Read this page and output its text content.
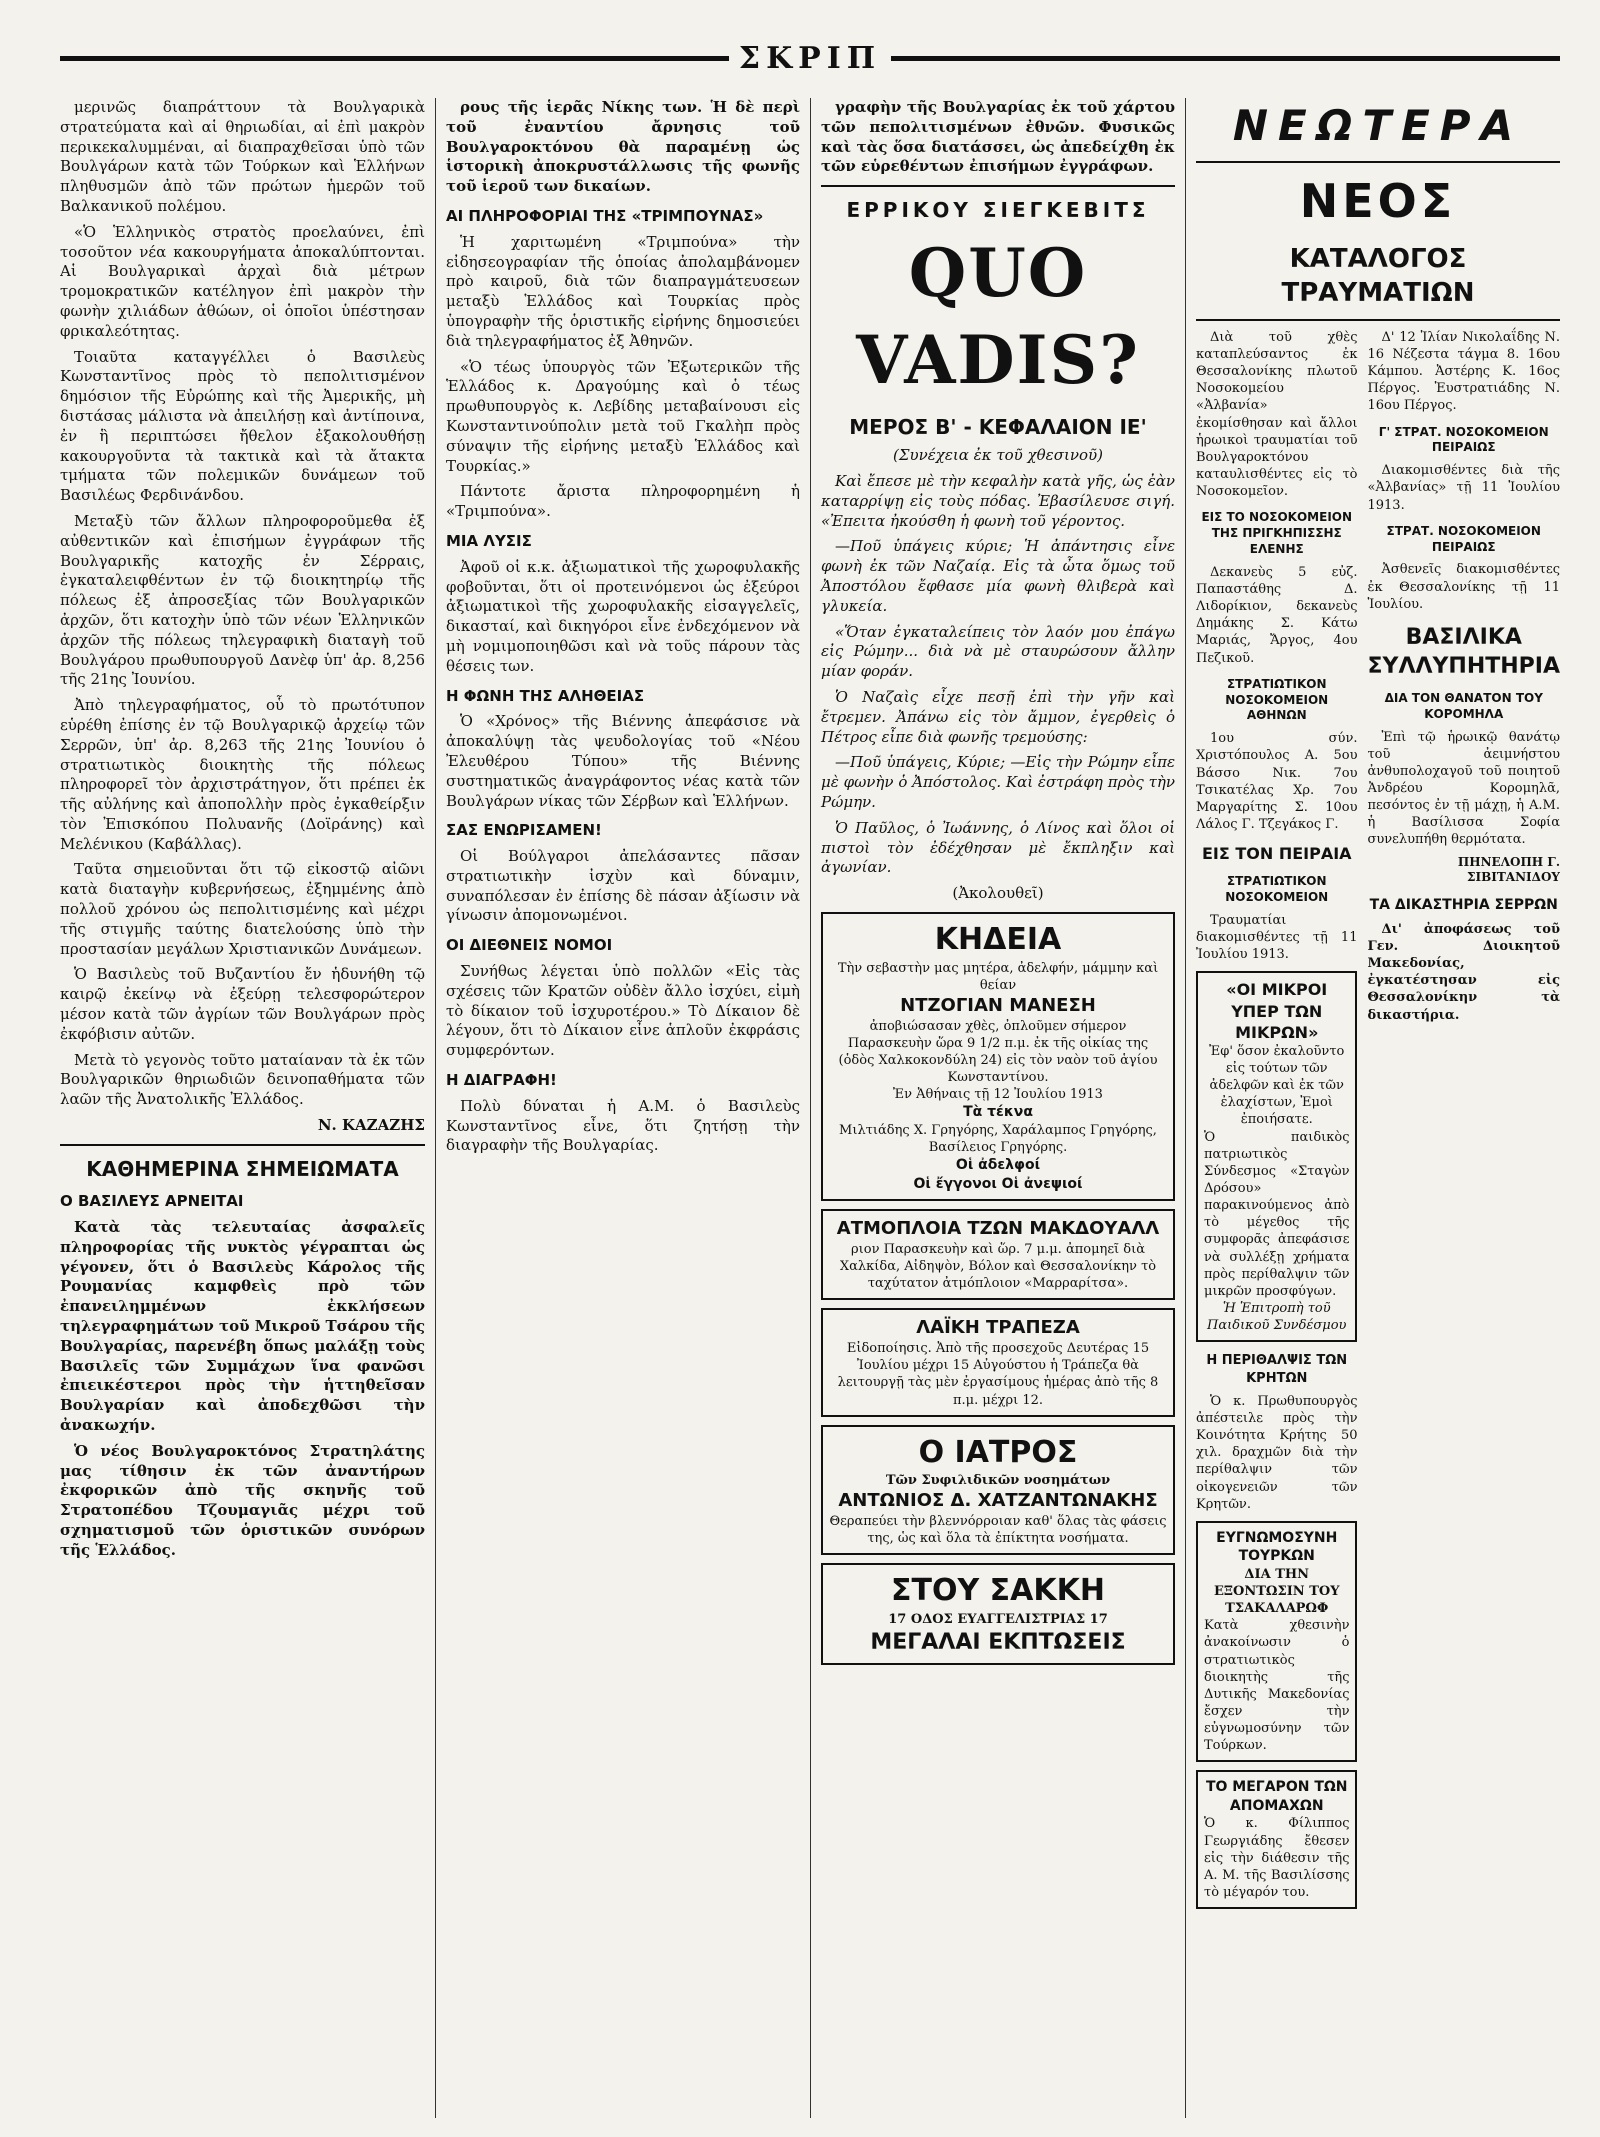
ΣΚΡΙΠ

μερινῶς διαπράττουν τὰ Βουλγαρικὰ στρατεύματα καὶ αἱ θηριωδίαι, αἱ ἐπὶ μακρὸν περικεκαλυμμέναι, αἱ διαπραχθεῖσαι ὑπὸ τῶν Βουλγάρων κατὰ τῶν Τούρκων καὶ Ἑλλήνων πληθυσμῶν ἀπὸ τῶν πρώτων ἡμερῶν τοῦ Βαλκανικοῦ πολέμου.

«Ὁ Ἑλληνικὸς στρατὸς προελαύνει, ἐπὶ τοσοῦτον νέα κακουργήματα ἀποκαλύπτονται. Αἱ Βουλγαρικαὶ ἀρχαὶ διὰ μέτρων τρομοκρατικῶν κατέληγον ἐπὶ μακρὸν τὴν φωνὴν χιλιάδων ἀθώων, οἱ ὁποῖοι ὑπέστησαν φρικαλεότητας.

Τοιαῦτα καταγγέλλει ὁ Βασιλεὺς Κωνσταντῖνος πρὸς τὸ πεπολιτισμένον δημόσιον τῆς Εὐρώπης καὶ τῆς Ἀμερικῆς, μὴ διστάσας μάλιστα νὰ ἀπειλήσῃ καὶ ἀντίποινα, ἐν ἣ περιπτώσει ἤθελον ἐξακολουθήσῃ κακουργοῦντα τὰ τακτικὰ καὶ τὰ ἄτακτα τμήματα τῶν πολεμικῶν δυνάμεων τοῦ Βασιλέως Φερδινάνδου.

Μεταξὺ τῶν ἄλλων πληροφοροῦμεθα ἐξ αὐθεντικῶν καὶ ἐπισήμων ἐγγράφων τῆς Βουλγαρικῆς κατοχῆς ἐν Σέρραις, ἐγκαταλειφθέντων ἐν τῷ διοικητηρίῳ τῆς πόλεως ἐξ ἀπροσεξίας τῶν Βουλγαρικῶν ἀρχῶν, ὅτι κατοχὴν ὑπὸ τῶν νέων Ἑλληνικῶν ἀρχῶν τῆς πόλεως τηλεγραφικὴ διαταγὴ τοῦ Βουλγάρου πρωθυπουργοῦ Δανὲφ ὑπ' ἀρ. 8,256 τῆς 21ης Ἰουνίου.

Ἀπὸ τηλεγραφήματος, οὗ τὸ πρωτότυπον εὑρέθη ἐπίσης ἐν τῷ Βουλγαρικῷ ἀρχείῳ τῶν Σερρῶν, ὑπ' ἀρ. 8,263 τῆς 21ης Ἰουνίου ὁ στρατιωτικὸς διοικητὴς τῆς πόλεως πληροφορεῖ τὸν ἀρχιστράτηγον, ὅτι πρέπει ἐκ τῆς αὐλήνης καὶ ἀποπολλὴν πρὸς ἐγκαθείρξιν τὸν Ἐπισκόπου Πολυανῆς (Δοϊράνης) καὶ Μελένικου (Καβάλλας).

Ταῦτα σημειοῦνται ὅτι τῷ εἰκοστῷ αἰῶνι κατὰ διαταγὴν κυβερνήσεως, ἐξημμένης ἀπὸ πολλοῦ χρόνου ὡς πεπολιτισμένης καὶ μέχρι τῆς στιγμῆς ταύτης διατελούσης ὑπὸ τὴν προστασίαν μεγάλων Χριστιανικῶν Δυνάμεων.

Ὁ Βασιλεὺς τοῦ Βυζαντίου ἔν ἡδυνήθη τῷ καιρῷ ἐκείνῳ νὰ ἐξεύρῃ τελεσφορώτερον μέσον κατὰ τῶν ἀγρίων τῶν Βουλγάρων πρὸς ἐκφόβισιν αὐτῶν.

Μετὰ τὸ γεγονὸς τοῦτο ματαίαναν τὰ ἐκ τῶν Βουλγαρικῶν θηριωδιῶν δεινοπαθήματα τῶν λαῶν τῆς Ἀνατολικῆς Ἐλλάδος.

Ν. ΚΑΖΑΖΗΣ
ΚΑΘΗΜΕΡΙΝΑ ΣΗΜΕΙΩΜΑΤΑ
Ο ΒΑΣΙΛΕΥΣ ΑΡΝΕΙΤΑΙ

Κατὰ τὰς τελευταίας ἀσφαλεῖς πληροφορίας τῆς νυκτὸς γέγραπται ὡς γέγονεν, ὅτι ὁ Βασιλεὺς Κάρολος τῆς Ρουμανίας καμφθεὶς πρὸ τῶν ἐπανειλημμένων ἐκκλήσεων τηλεγραφημάτων τοῦ Μικροῦ Τσάρου τῆς Βουλγαρίας, παρενέβη ὅπως μαλάξῃ τοὺς Βασιλεῖς τῶν Συμμάχων ἵνα φανῶσι ἐπιεικέστεροι πρὸς τὴν ἡττηθεῖσαν Βουλγαρίαν καὶ ἀποδεχθῶσι τὴν ἀνακωχήν.

Ὁ νέος Βουλγαροκτόνος Στρατηλάτης μας τίθησιν ἐκ τῶν ἀναντήρων ἐκφορικῶν ἀπὸ τῆς σκηνῆς τοῦ Στρατοπέδου Τζουμαγιᾶς μέχρι τοῦ σχηματισμοῦ τῶν ὁριστικῶν συνόρων τῆς Ἑλλάδος.

ρους τῆς ἱερᾶς Νίκης των. Ἡ δὲ περὶ τοῦ ἐναντίου ἄρνησις τοῦ Βουλγαροκτόνου θὰ παραμένῃ ὡς ἱστορικὴ ἀποκρυστάλλωσις τῆς φωνῆς τοῦ ἱεροῦ των δικαίων.

ΑΙ ΠΛΗΡΟΦΟΡΙΑΙ ΤΗΣ «ΤΡΙΜΠΟΥΝΑΣ»

Ἡ χαριτωμένη «Τριμπούνα» τὴν εἰδησεογραφίαν τῆς ὁποίας ἀπολαμβάνομεν πρὸ καιροῦ, διὰ τῶν διαπραγμάτευσεων μεταξὺ Ἑλλάδος καὶ Τουρκίας πρὸς ὑπογραφὴν τῆς ὁριστικῆς εἰρήνης δημοσιεύει διὰ τηλεγραφήματος ἐξ Ἀθηνῶν.

«Ὁ τέως ὑπουργὸς τῶν Ἐξωτερικῶν τῆς Ἑλλάδος κ. Δραγούμης καὶ ὁ τέως πρωθυπουργὸς κ. Λεβίδης μεταβαίνουσι εἰς Κωνσταντινούπολιν μετὰ τοῦ Γκαλὴπ πρὸς σύναψιν τῆς εἰρήνης μεταξὺ Ἑλλάδος καὶ Τουρκίας.»

Πάντοτε ἄριστα πληροφορημένη ἡ «Τριμπούνα».

ΜΙΑ ΛΥΣΙΣ

Ἀφοῦ οἱ κ.κ. ἀξιωματικοὶ τῆς χωροφυλακῆς φοβοῦνται, ὅτι οἱ προτεινόμενοι ὡς ἐξεύροι ἀξιωματικοὶ τῆς χωροφυλακῆς εἰσαγγελεῖς, δικασταί, καὶ δικηγόροι εἶνε ἐνδεχόμενον νὰ μὴ νομιμοποιηθῶσι καὶ νὰ τοῦς πάρουν τὰς θέσεις των.

Η ΦΩΝΗ ΤΗΣ ΑΛΗΘΕΙΑΣ

Ὁ «Χρόνος» τῆς Βιέννης ἀπεφάσισε νὰ ἀποκαλύψῃ τὰς ψευδολογίας τοῦ «Νέου Ἐλευθέρου Τύπου» τῆς Βιέννης συστηματικῶς ἀναγράφοντος νέας κατὰ τῶν Βουλγάρων νίκας τῶν Σέρβων καὶ Ἑλλήνων.

ΣΑΣ ΕΝΩΡΙΣΑΜΕΝ!

Οἱ Βούλγαροι ἀπελάσαντες πᾶσαν στρατιωτικὴν ἰσχὺν καὶ δύναμιν, συναπόλεσαν ἐν ἐπίσης δὲ πάσαν ἀξίωσιν νὰ γίνωσιν ἀπομονωμένοι.

ΟΙ ΔΙΕΘΝΕΙΣ ΝΟΜΟΙ

Συνήθως λέγεται ὑπὸ πολλῶν «Εἰς τὰς σχέσεις τῶν Κρατῶν οὐδὲν ἄλλο ἰσχύει, εἰμὴ τὸ δίκαιον τοῦ ἰσχυροτέρου.» Τὸ Δίκαιον δὲ λέγουν, ὅτι τὸ Δίκαιον εἶνε ἁπλοῦν ἐκφράσις συμφερόντων.

Η ΔΙΑΓΡΑΦΗ!

Πολὺ δύναται ἡ Α.Μ. ὁ Βασιλεὺς Κωνσταντῖνος εἶνε, ὅτι ζητήσῃ τὴν διαγραφὴν τῆς Βουλγαρίας.

γραφὴν τῆς Βουλγαρίας ἐκ τοῦ χάρτου τῶν πεπολιτισμένων ἐθνῶν. Φυσικῶς καὶ τὰς ὅσα διατάσσει, ὡς ἀπεδείχθη ἐκ τῶν εὑρεθέντων ἐπισήμων ἐγγράφων.

ΕΡΡΙΚΟΥ ΣΙΕΓΚΕΒΙΤΣ
QUO VADIS?
ΜΕΡΟΣ Β' - ΚΕΦΑΛΑΙΟΝ ΙΕ'

(Συνέχεια ἐκ τοῦ χθεσινοῦ)

Καὶ ἔπεσε μὲ τὴν κεφαλὴν κατὰ γῆς, ὡς ἐὰν καταρρίψῃ εἰς τοὺς πόδας. Ἐβασίλευσε σιγή. «Ἐπειτα ἠκούσθη ἡ φωνὴ τοῦ γέροντος.

—Ποῦ ὑπάγεις κύριε; Ἡ ἀπάντησις εἶνε φωνὴ ἐκ τῶν Ναζαίᾳ. Εἰς τὰ ὦτα ὅμως τοῦ Ἀποστόλου ἔφθασε μία φωνὴ θλιβερὰ καὶ γλυκεία.

«Ὅταν ἐγκαταλείπεις τὸν λαόν μου ἐπάγω εἰς Ρώμην... διὰ νὰ μὲ σταυρώσουν ἄλλην μίαν φοράν.

Ὁ Ναζαὶς εἶχε πεσῇ ἐπὶ τὴν γῆν καὶ ἔτρεμεν. Ἀπάνω εἰς τὸν ἄμμον, ἐγερθεὶς ὁ Πέτρος εἶπε διὰ φωνῆς τρεμούσης:

—Ποῦ ὑπάγεις, Κύριε; —Εἰς τὴν Ρώμην εἶπε μὲ φωνὴν ὁ Ἀπόστολος. Καὶ ἐστράφη πρὸς τὴν Ρώμην.

Ὁ Παῦλος, ὁ Ἰωάννης, ὁ Λίνος καὶ ὅλοι οἱ πιστοὶ τὸν ἐδέχθησαν μὲ ἔκπληξιν καὶ ἀγωνίαν.

(Ἀκολουθεῖ)

ΚΗΔΕΙΑ
Τὴν σεβαστὴν μας μητέρα, ἀδελφήν, μάμμην καὶ θείαν
ΝΤΖΟΓΙΑΝ ΜΑΝΕΣΗ
ἀποβιώσασαν χθὲς, ὀπλοῦμεν σήμερον Παρασκευὴν ὥρα 9 1/2 π.μ. ἐκ τῆς οἰκίας της (ὁδὸς Χαλκοκονδύλη 24) εἰς τὸν ναὸν τοῦ ἁγίου Κωνσταντίνου.
Ἐν Ἀθήναις τῇ 12 Ἰουλίου 1913
Τὰ τέκνα
Μιλτιάδης Χ. Γρηγόρης, Χαράλαμπος Γρηγόρης, Βασίλειος Γρηγόρης.
Οἱ ἀδελφοί
Οἱ ἔγγονοι Οἱ ἀνεψιοί
ΑΤΜΟΠΛΟΙΑ ΤΖΩΝ ΜΑΚΔΟΥΑΛΛ
ριον Παρασκευὴν καὶ ὥρ. 7 μ.μ. ἀπομηεῖ διὰ Χαλκίδα, Αἰδηψὸν, Βόλον καὶ Θεσσαλονίκην τὸ ταχύτατον ἀτμόπλοιον «Μαρραρίτσα».
ΛΑΪΚΗ ΤΡΑΠΕΖΑ
Εἰδοποίησις. Ἀπὸ τῆς προσεχοῦς Δευτέρας 15 Ἰουλίου μέχρι 15 Αὐγούστου ἡ Τράπεζα θὰ λειτουργῇ τὰς μὲν ἐργασίμους ἡμέρας ἀπὸ τῆς 8 π.μ. μέχρι 12.
Ο ΙΑΤΡΟΣ
Τῶν Συφιλιδικῶν νοσημάτων
ΑΝΤΩΝΙΟΣ Δ. ΧΑΤΖΑΝΤΩΝΑΚΗΣ
Θεραπεύει τὴν βλεννόρροιαν καθ' ὅλας τὰς φάσεις της, ὡς καὶ ὅλα τὰ ἐπίκτητα νοσήματα.
ΣΤΟΥ ΣΑΚΚΗ
17 ΟΔΟΣ ΕΥΑΓΓΕΛΙΣΤΡΙΑΣ 17
ΜΕΓΑΛΑΙ ΕΚΠΤΩΣΕΙΣ
ΝΕΩΤΕΡΑ
ΝΕΟΣ
ΚΑΤΑΛΟΓΟΣ ΤΡΑΥΜΑΤΙΩΝ

Διὰ τοῦ χθὲς καταπλεύσαντος ἐκ Θεσσαλονίκης πλωτοῦ Νοσοκομείου «Ἀλβανία» ἐκομίσθησαν καὶ ἄλλοι ἡρωικοὶ τραυματίαι τοῦ Βουλγαροκτόνου καταυλισθέντες εἰς τὸ Νοσοκομεῖον.

ΕΙΣ ΤΟ ΝΟΣΟΚΟΜΕΙΟΝ ΤΗΣ ΠΡΙΓΚΗΠΙΣΣΗΣ ΕΛΕΝΗΣ

Δεκανεὺς 5 εὐζ. Παπαστάθης Δ. Λιδορίκιον, δεκανεὺς Δημάκης Σ. Κάτω Μαριάς, Ἄργος, 4ου Πεζικοῦ.

ΣΤΡΑΤΙΩΤΙΚΟΝ ΝΟΣΟΚΟΜΕΙΟΝ ΑΘΗΝΩΝ

1ου σύν. Χριστόπουλος Α. 5ου Βάσσο Νικ. 7ου Τσικατέλας Χρ. 7ου Μαργαρίτης Σ. 10ου Λάλος Γ. Τζεγάκος Γ.

ΕΙΣ ΤΟΝ ΠΕΙΡΑΙΑ
ΣΤΡΑΤΙΩΤΙΚΟΝ ΝΟΣΟΚΟΜΕΙΟΝ

Τραυματίαι διακομισθέντες τῇ 11 Ἰουλίου 1913.

«ΟΙ ΜΙΚΡΟΙ ΥΠΕΡ ΤΩΝ ΜΙΚΡΩΝ»
Ἐφ' ὅσον ἐκαλοῦντο εἰς τούτων τῶν ἀδελφῶν καὶ ἐκ τῶν ἐλαχίστων, Ἐμοὶ ἐποιήσατε.
Ὁ παιδικὸς πατριωτικὸς Σύνδεσμος «Σταγὼν Δρόσου» παρακινούμενος ἀπὸ τὸ μέγεθος τῆς συμφορᾶς ἀπεφάσισε νὰ συλλέξῃ χρήματα πρὸς περίθαλψιν τῶν μικρῶν προσφύγων.
Ἡ Ἐπιτροπὴ τοῦ Παιδικοῦ Συνδέσμου
Η ΠΕΡΙΘΑΛΨΙΣ ΤΩΝ ΚΡΗΤΩΝ

Ὁ κ. Πρωθυπουργὸς ἀπέστειλε πρὸς τὴν Κοινότητα Κρήτης 50 χιλ. δραχμῶν διὰ τὴν περίθαλψιν τῶν οἰκογενειῶν τῶν Κρητῶν.

ΕΥΓΝΩΜΟΣΥΝΗ ΤΟΥΡΚΩΝ
ΔΙΑ ΤΗΝ ΕΞΟΝΤΩΣΙΝ ΤΟΥ ΤΣΑΚΑΛΑΡΩΦ
Κατὰ χθεσινὴν ἀνακοίνωσιν ὁ στρατιωτικὸς διοικητὴς τῆς Δυτικῆς Μακεδονίας ἔσχεν τὴν εὐγνωμοσύνην τῶν Τούρκων.
ΤΟ ΜΕΓΑΡΟΝ ΤΩΝ ΑΠΟΜΑΧΩΝ
Ὁ κ. Φίλιππος Γεωργιάδης ἔθεσεν εἰς τὴν διάθεσιν τῆς Α. Μ. τῆς Βασιλίσσης τὸ μέγαρόν του.

Δ' 12 Ἰλίαν Νικολαΐδης Ν. 16 Νέζεστα τάγμα 8. 16ου Κάμπου. Ἀστέρης Κ. 16ος Πέργος. Ἐυστρατιάδης Ν. 16ου Πέργος.

Γ' ΣΤΡΑΤ. ΝΟΣΟΚΟΜΕΙΟΝ ΠΕΙΡΑΙΩΣ

Διακομισθέντες διὰ τῆς «Ἀλβανίας» τῇ 11 Ἰουλίου 1913.

ΣΤΡΑΤ. ΝΟΣΟΚΟΜΕΙΟΝ ΠΕΙΡΑΙΩΣ

Ἀσθενεῖς διακομισθέντες ἐκ Θεσσαλονίκης τῇ 11 Ἰουλίου.

ΒΑΣΙΛΙΚΑ ΣΥΛΛΥΠΗΤΗΡΙΑ
ΔΙΑ ΤΟΝ ΘΑΝΑΤΟΝ ΤΟΥ ΚΟΡΟΜΗΛΑ

Ἐπὶ τῷ ἡρωικῷ θανάτῳ τοῦ ἀειμνήστου ἀνθυπολοχαγοῦ τοῦ ποιητοῦ Ἀνδρέου Κορομηλᾶ, πεσόντος ἐν τῇ μάχῃ, ἡ Α.Μ. ἡ Βασίλισσα Σοφία συνελυπήθη θερμότατα.

ΠΗΝΕΛΟΠΗ Γ. ΣΙΒΙΤΑΝΙΔΟΥ
ΤΑ ΔΙΚΑΣΤΗΡΙΑ ΣΕΡΡΩΝ

Δι' ἀποφάσεως τοῦ Γεν. Διοικητοῦ Μακεδονίας, ἐγκατέστησαν εἰς Θεσσαλονίκην τὰ δικαστήρια.
